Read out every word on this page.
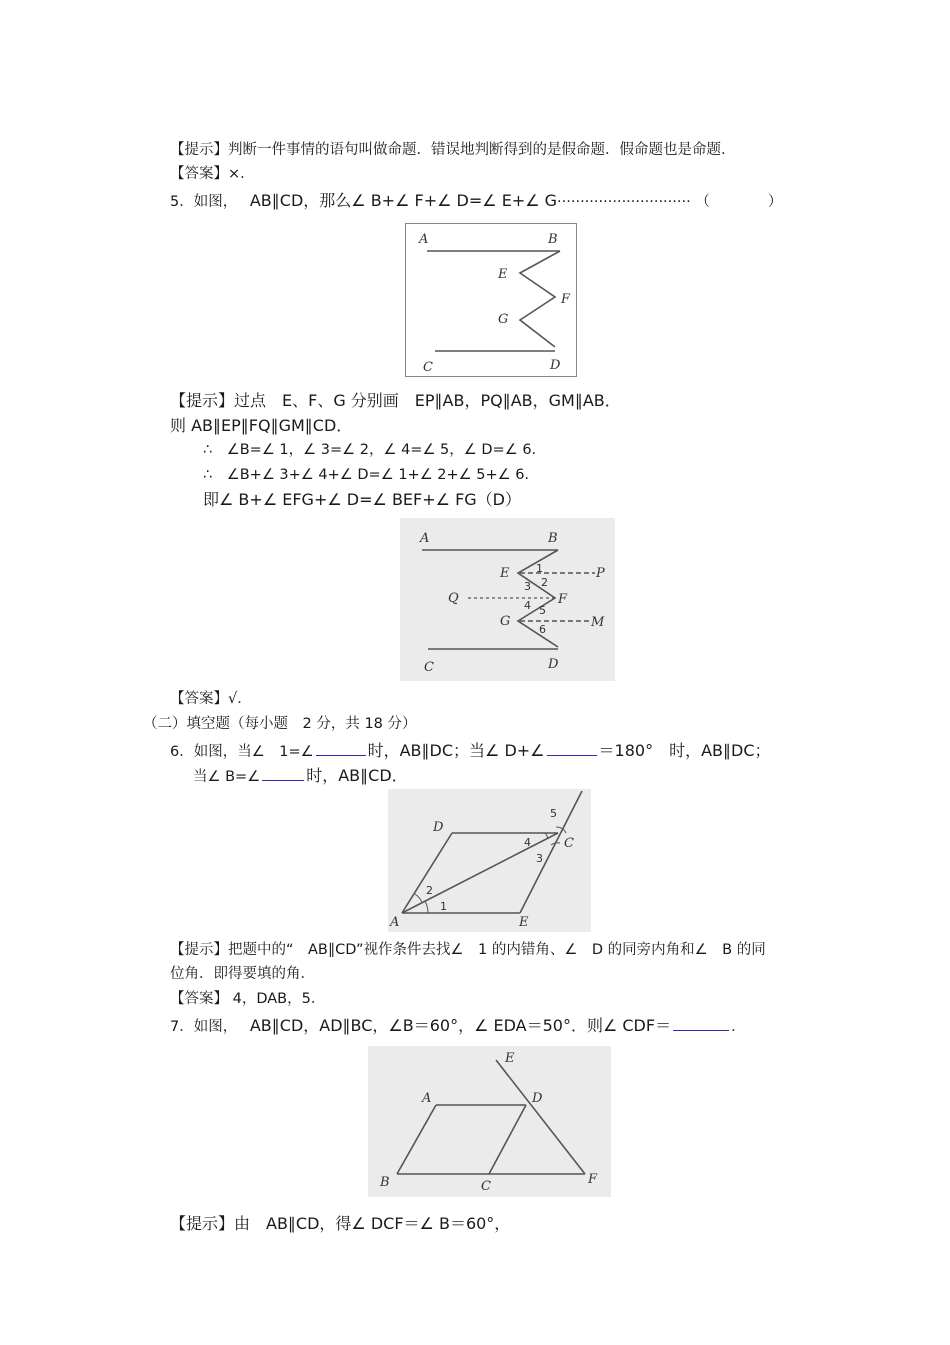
【提示】判断一件事情的语句叫做命题．错误地判断得到的是假命题．假命题也是命题．
【答案】×．
5．如图， AB∥CD，那么∠ B+∠ F+∠ D=∠ E+∠ G····························· （　　　　）
A	B
E
F
G
C	D
【提示】过点　E、F、G 分别画　EP∥AB，PQ∥AB，GM∥AB．
则 AB∥EP∥FQ∥GM∥CD．
∴　∠B=∠ 1，∠ 3=∠ 2，∠ 4=∠ 5，∠ D=∠ 6．
∴　∠B+∠ 3+∠ 4+∠ D=∠ 1+∠ 2+∠ 5+∠ 6．
即∠ B+∠ EFG+∠ D=∠ BEF+∠ FG（D）
A	B
E	P
Q	F
G	M
C	D
1
2
3
4 5
6
【答案】√．
（二）填空题（每小题　2 分，共 18 分）
6．如图，当∠　1=∠	时，AB∥DC；当∠ D+∠	＝180°　时，AB∥DC；
当∠ B=∠	时，AB∥CD．
D
C
A	E
1
2
3
4
5
【提示】把题中的“　AB∥CD”视作条件去找∠　1 的内错角、∠　D 的同旁内角和∠　B 的同
位角．即得要填的角．
【答案】 4，DAB，5．
7．如图， AB∥CD，AD∥BC，∠B＝60°，∠ EDA＝50°．则∠ CDF＝	．
E
A	D
B	C	F
【提示】由　AB∥CD，得∠ DCF＝∠ B＝60°，
